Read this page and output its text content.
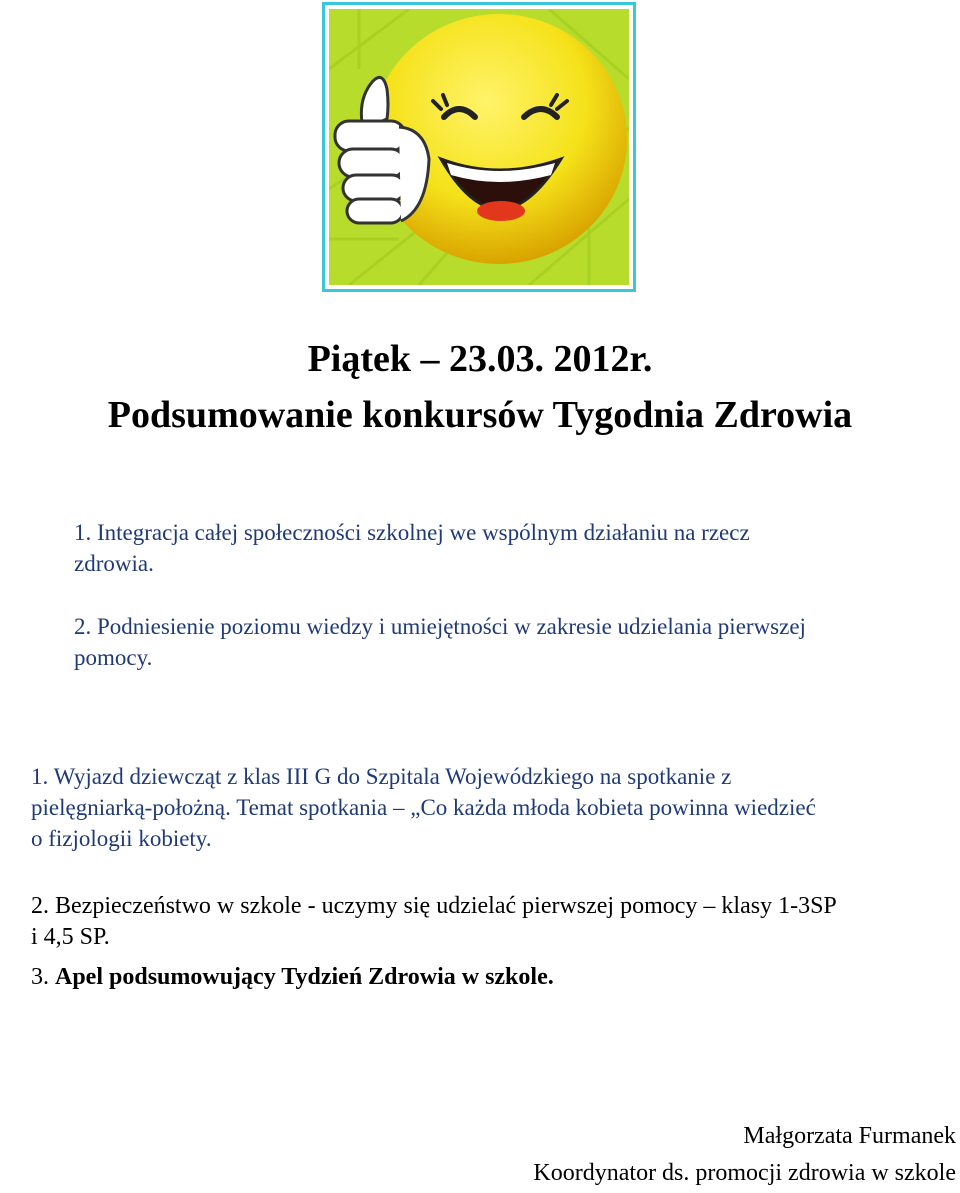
Piątek – 23.03. 2012r.
Podsumowanie konkursów Tygodnia Zdrowia
1. Integracja całej społeczności szkolnej we wspólnym działaniu na rzecz
zdrowia.
2. Podniesienie poziomu wiedzy i umiejętności w zakresie udzielania pierwszej
pomocy.
1. Wyjazd dziewcząt z klas III G do Szpitala Wojewódzkiego na spotkanie z
pielęgniarką-położną. Temat spotkania – „Co każda młoda kobieta powinna wiedzieć
o fizjologii kobiety.
2. Bezpieczeństwo w szkole - uczymy się udzielać pierwszej pomocy – klasy 1-3SP
i 4,5 SP.
3. Apel podsumowujący Tydzień Zdrowia w szkole.

Małgorzata Furmanek

Koordynator ds. promocji zdrowia w szkole
